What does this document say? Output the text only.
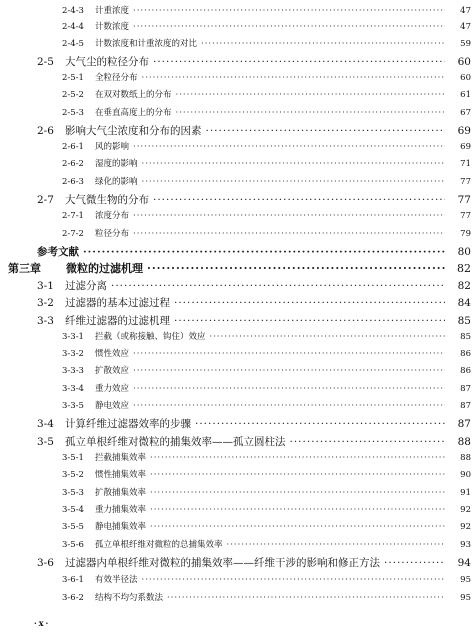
2-4-3	计重浓度 ·····	47
2-4-4	计数浓度 ·····	47
2-4-5	计数浓度和计重浓度的对比 ·····	59
2-5	大气尘的粒径分布 ·····	60
2-5-1	全粒径分布 ·····	60
2-5-2	在双对数纸上的分布 ·····	61
2-5-3	在垂直高度上的分布 ·····	67
2-6	影响大气尘浓度和分布的因素 ·····	69
2-6-1	风的影响 ·····	69
2-6-2	湿度的影响 ·····	71
2-6-3	绿化的影响 ·····	77
2-7	大气微生物的分布 ·····	77
2-7-1	浓度分布 ·····	77
2-7-2	粒径分布 ·····	79
参考文献 ·····	80
第三章	微粒的过滤机理 ·····	82
3-1	过滤分离 ·····	82
3-2	过滤器的基本过滤过程 ·····	84
3-3	纤维过滤器的过滤机理 ·····	85
3-3-1	拦截（或称接触、钩住）效应 ·····	85
3-3-2	惯性效应 ·····	86
3-3-3	扩散效应 ·····	86
3-3-4	重力效应 ·····	87
3-3-5	静电效应 ·····	87
3-4	计算纤维过滤器效率的步骤 ·····	87
3-5	孤立单根纤维对微粒的捕集效率——孤立圆柱法 ·····	88
3-5-1	拦截捕集效率 ·····	88
3-5-2	惯性捕集效率 ·····	90
3-5-3	扩散捕集效率 ·····	91
3-5-4	重力捕集效率 ·····	92
3-5-5	静电捕集效率 ·····	92
3-5-6	孤立单根纤维对微粒的总捕集效率 ·····	93
3-6	过滤器内单根纤维对微粒的捕集效率——纤维干涉的影响和修正方法 ·····	94
3-6-1	有效半径法 ·····	95
3-6-2	结构不均匀系数法 ·····	95
·x·
